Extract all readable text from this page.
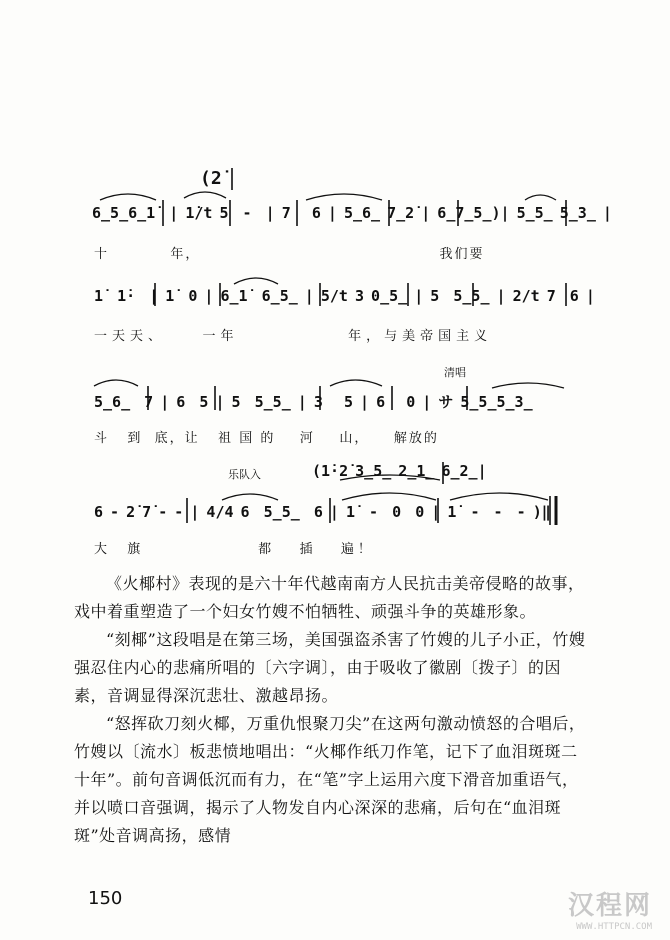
(2̇
6̲5̲6̲1̇  | 1̇/t 5  -  | 7   6 | 5̲6̲ 7̲2̇ | 6̲7̲5̲)| 5̲5̲ 5̲3̲ |
十          年，                                       我们要
1̇  1̇·  | 1̇  0 | 6̲1̇  6̲5̲ | 5/t 3 0̲5̲ | 5  5̲5̲ | 2/t 7  6 |
一天天、    一年            年，与美帝国主义
清唱
5̲6̲  7 | 6  5 | 5  5̲5̲ | 3   5 | 6   0 | サ 5̲5̲5̲3̲
斗   到  底，让   祖 国 的    河    山，    解放的
乐队入	(1̇·2̇ 3̲5̲ 2̲1̲ 6̲2̲|
6 - 2̇ 7̇ - - | 4/4 6  5̲5̲  6 | 1̇  -  0  0 | 1̇  -  -  - )‖
大  旗              都   插   遍！

《火椰村》表现的是六十年代越南南方人民抗击美帝侵略的故事，戏中着重塑造了一个妇女竹嫂不怕牺牲、顽强斗争的英雄形象。

“刻椰”这段唱是在第三场，美国强盗杀害了竹嫂的儿子小正，竹嫂强忍住内心的悲痛所唱的〔六字调〕，由于吸收了徽剧〔拨子〕的因素，音调显得深沉悲壮、激越昂扬。

“怒挥砍刀刻火椰，万重仇恨聚刀尖”在这两句激动愤怒的合唱后，竹嫂以〔流水〕板悲愤地唱出：“火椰作纸刀作笔，记下了血泪斑斑二十年”。前句音调低沉而有力，在“笔”字上运用六度下滑音加重语气，并以喷口音强调，揭示了人物发自内心深深的悲痛，后句在“血泪斑斑”处音调高扬，感情

150	汉程网
WWW.HTTPCN.COM
